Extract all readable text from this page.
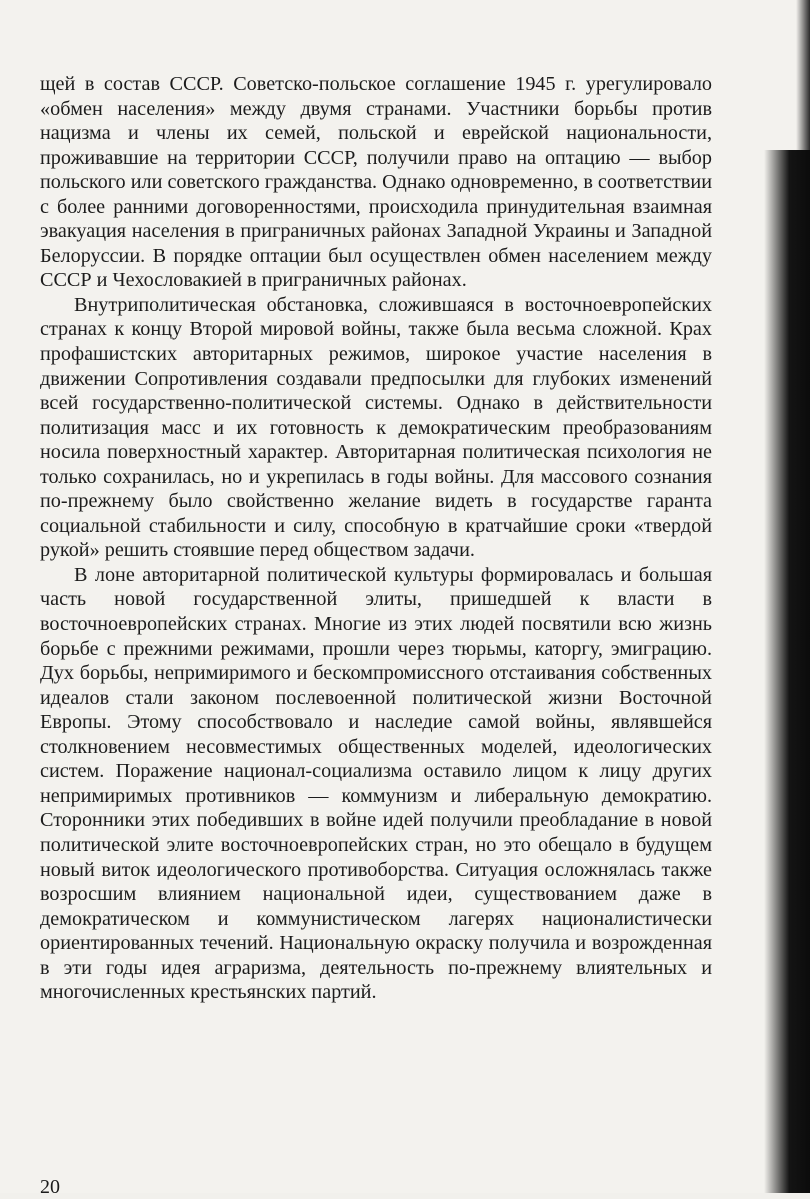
щей в состав СССР. Советско-польское соглашение 1945 г. урегулировало «обмен населения» между двумя странами. Участники борьбы против нацизма и члены их семей, польской и еврейской национальности, проживавшие на территории СССР, получили право на оптацию — выбор польского или советского гражданства. Однако одновременно, в соответствии с более ранними договоренностями, происходила принудительная взаимная эвакуация населения в приграничных районах Западной Украины и Западной Белоруссии. В порядке оптации был осуществлен обмен населением между СССР и Чехословакией в приграничных районах.

Внутриполитическая обстановка, сложившаяся в восточноевропейских странах к концу Второй мировой войны, также была весьма сложной. Крах профашистских авторитарных режимов, широкое участие населения в движении Сопротивления создавали предпосылки для глубоких изменений всей государственно-политической системы. Однако в действительности политизация масс и их готовность к демократическим преобразованиям носила поверхностный характер. Авторитарная политическая психология не только сохранилась, но и укрепилась в годы войны. Для массового сознания по-прежнему было свойственно желание видеть в государстве гаранта социальной стабильности и силу, способную в кратчайшие сроки «твердой рукой» решить стоявшие перед обществом задачи.

В лоне авторитарной политической культуры формировалась и большая часть новой государственной элиты, пришедшей к власти в восточноевропейских странах. Многие из этих людей посвятили всю жизнь борьбе с прежними режимами, прошли через тюрьмы, каторгу, эмиграцию. Дух борьбы, непримиримого и бескомпромиссного отстаивания собственных идеалов стали законом послевоенной политической жизни Восточной Европы. Этому способствовало и наследие самой войны, являвшейся столкновением несовместимых общественных моделей, идеологических систем. Поражение национал-социализма оставило лицом к лицу других непримиримых противников — коммунизм и либеральную демократию. Сторонники этих победивших в войне идей получили преобладание в новой политической элите восточноевропейских стран, но это обещало в будущем новый виток идеологического противоборства. Ситуация осложнялась также возросшим влиянием национальной идеи, существованием даже в демократическом и коммунистическом лагерях националистически ориентированных течений. Национальную окраску получила и возрожденная в эти годы идея аграризма, деятельность по-прежнему влиятельных и многочисленных крестьянских партий.

20
